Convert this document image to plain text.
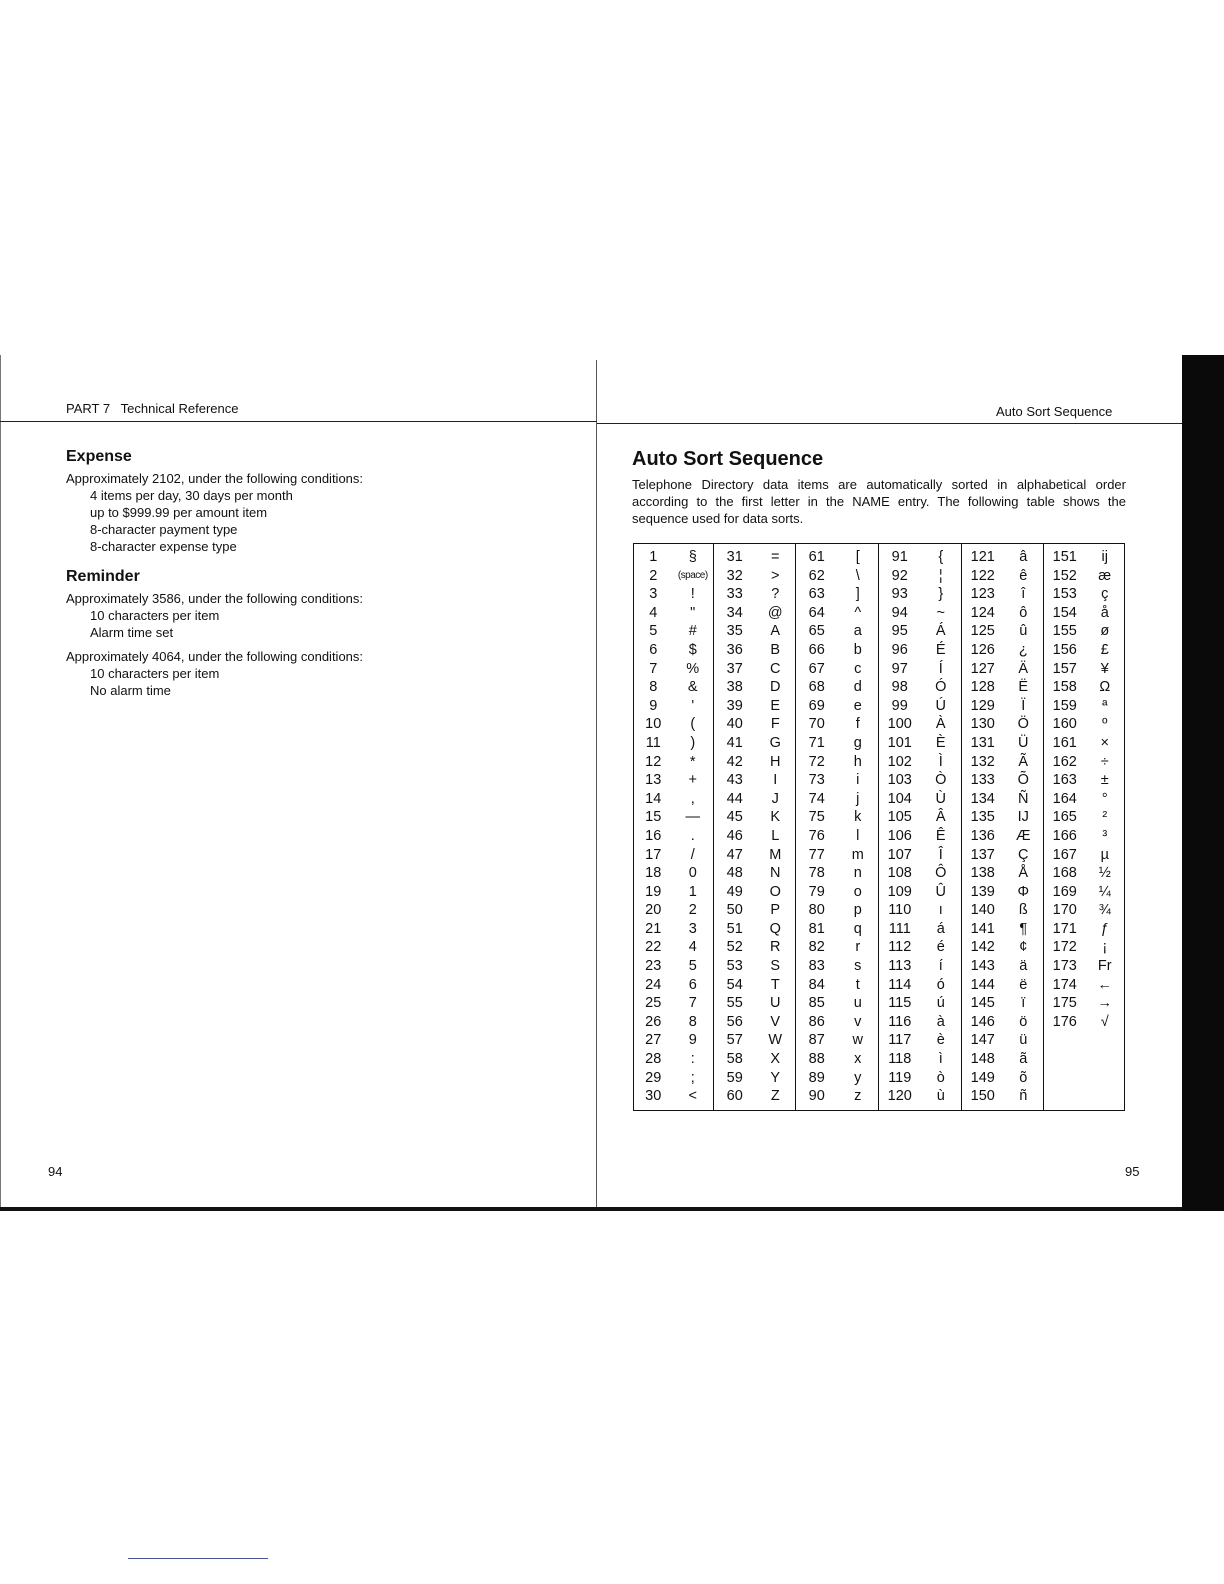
PART 7   Technical Reference
Expense
Approximately 2102, under the following conditions:
4 items per day, 30 days per month
up to $999.99 per amount item
8-character payment type
8-character expense type
Reminder
Approximately 3586, under the following conditions:
10 characters per item
Alarm time set
Approximately 4064, under the following conditions:
10 characters per item
No alarm time
94
Auto Sort Sequence
Auto Sort Sequence
Telephone Directory data items are automatically sorted in alphabetical order according to the first letter in the NAME entry. The following table shows the sequence used for data sorts.
1	§	31	=	61	[	91	{	121	â	151	ij
2	(space)	32	>	62	\	92	¦	122	ê	152	æ
3	!	33	?	63	]	93	}	123	î	153	ç
4	"	34	@	64	^	94	~	124	ô	154	å
5	#	35	A	65	a	95	Á	125	û	155	ø
6	$	36	B	66	b	96	É	126	¿	156	£
7	%	37	C	67	c	97	Í	127	Ä	157	¥
8	&	38	D	68	d	98	Ó	128	Ë	158	Ω
9	'	39	E	69	e	99	Ú	129	Ï	159	ª
10	(	40	F	70	f	100	À	130	Ö	160	º
11	)	41	G	71	g	101	È	131	Ü	161	×
12	*	42	H	72	h	102	Ì	132	Ã	162	÷
13	+	43	I	73	i	103	Ò	133	Õ	163	±
14	,	44	J	74	j	104	Ù	134	Ñ	164	°
15	—	45	K	75	k	105	Â	135	IJ	165	²
16	.	46	L	76	l	106	Ê	136	Æ	166	³
17	/	47	M	77	m	107	Î	137	Ç	167	µ
18	0	48	N	78	n	108	Ô	138	Å	168	½
19	1	49	O	79	o	109	Û	139	Φ	169	¼
20	2	50	P	80	p	110	ı	140	ß	170	¾
21	3	51	Q	81	q	111	á	141	¶	171	ƒ
22	4	52	R	82	r	112	é	142	¢	172	¡
23	5	53	S	83	s	113	í	143	ä	173	Fr
24	6	54	T	84	t	114	ó	144	ë	174	←
25	7	55	U	85	u	115	ú	145	ï	175	→
26	8	56	V	86	v	116	à	146	ö	176	√
27	9	57	W	87	w	117	è	147	ü		
28	:	58	X	88	x	118	ì	148	ã		
29	;	59	Y	89	y	119	ò	149	õ		
30	<	60	Z	90	z	120	ù	150	ñ		
95
